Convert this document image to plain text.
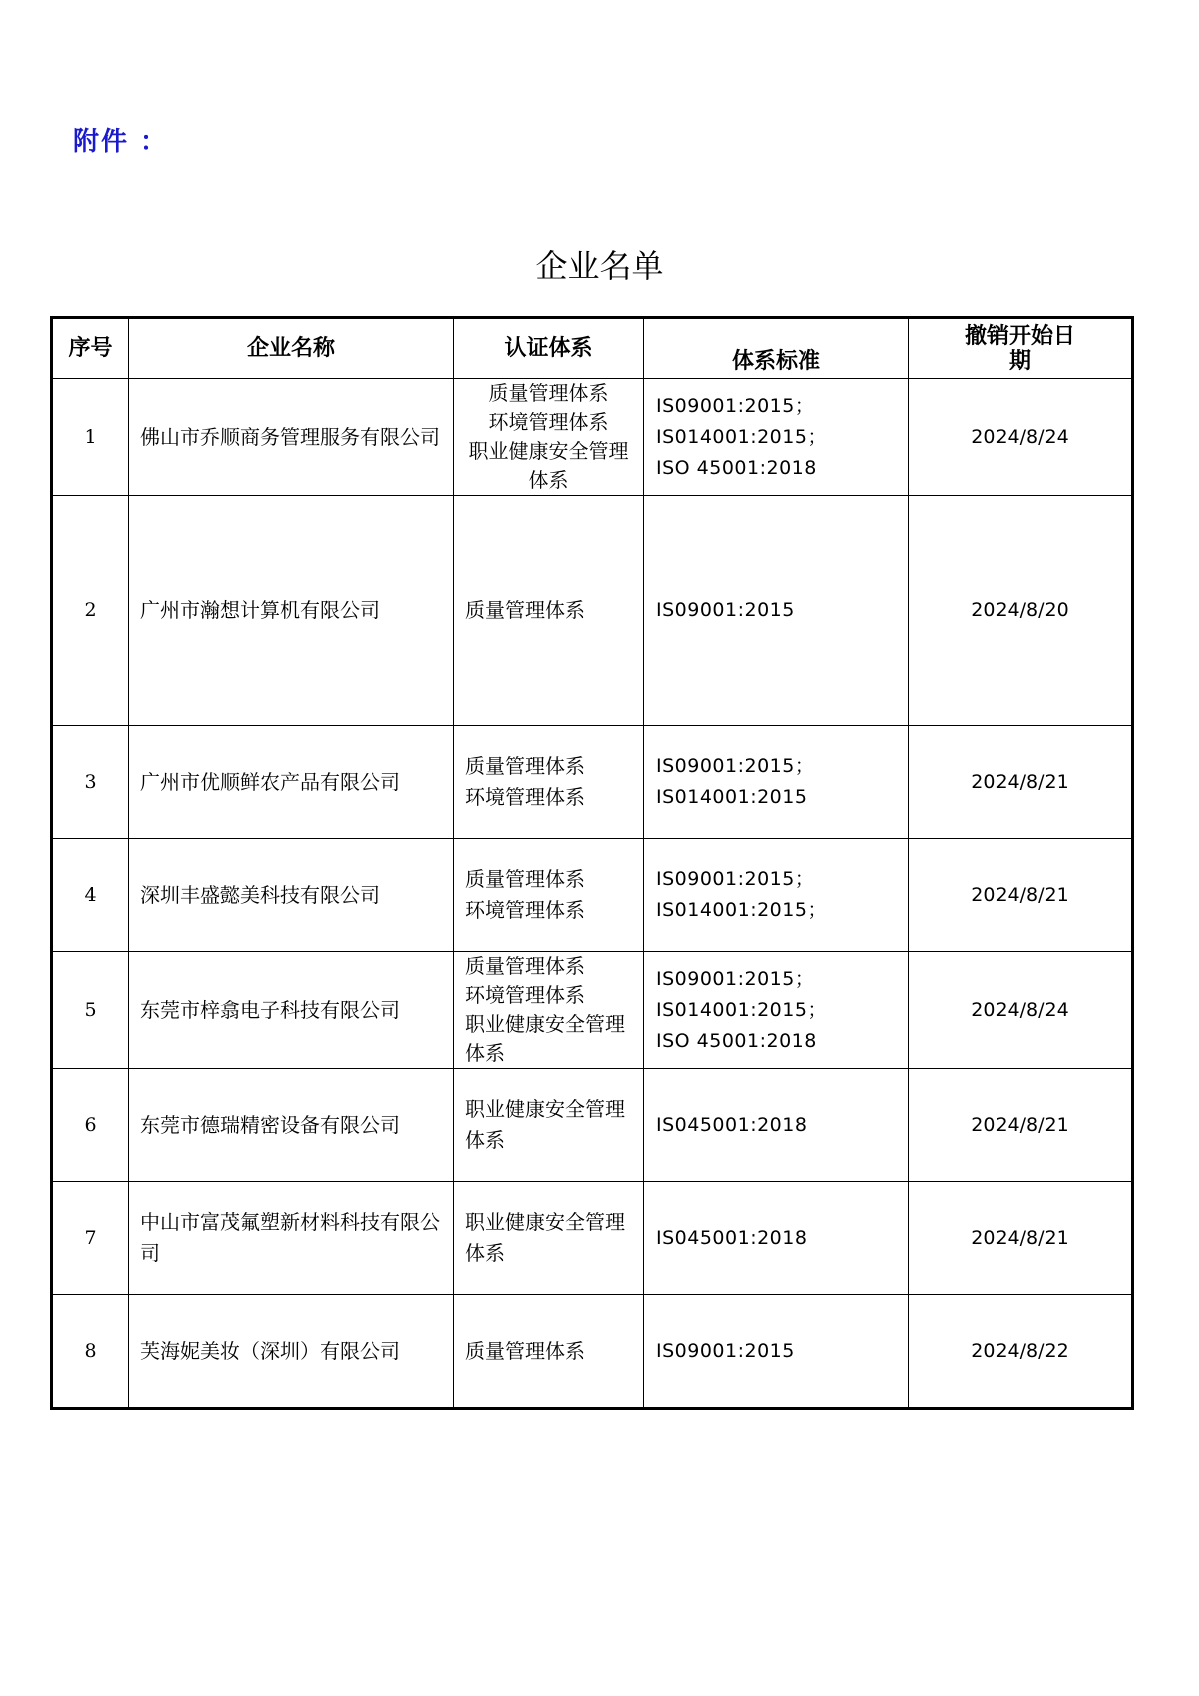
附件 ：
企业名单
序号	企业名称	认证体系	体系标准	撤销开始日
期

1	佛山市乔顺商务管理服务有限公司	质量管理体系
环境管理体系
职业健康安全管理
体系	IS09001:2015；
IS014001:2015；
ISO 45001:2018	2024/8/24
2	广州市瀚想计算机有限公司	质量管理体系	IS09001:2015	2024/8/20
3	广州市优顺鲜农产品有限公司	质量管理体系
环境管理体系	IS09001:2015；
IS014001:2015	2024/8/21
4	深圳丰盛懿美科技有限公司	质量管理体系
环境管理体系	IS09001:2015；
IS014001:2015；	2024/8/21
5	东莞市梓翕电子科技有限公司	质量管理体系
环境管理体系
职业健康安全管理
体系	IS09001:2015；
IS014001:2015；
ISO 45001:2018	2024/8/24
6	东莞市德瑞精密设备有限公司	职业健康安全管理
体系	IS045001:2018	2024/8/21
7	中山市富茂氟塑新材料科技有限公司	职业健康安全管理
体系	IS045001:2018	2024/8/21
8	芙海妮美妆（深圳）有限公司	质量管理体系	IS09001:2015	2024/8/22
